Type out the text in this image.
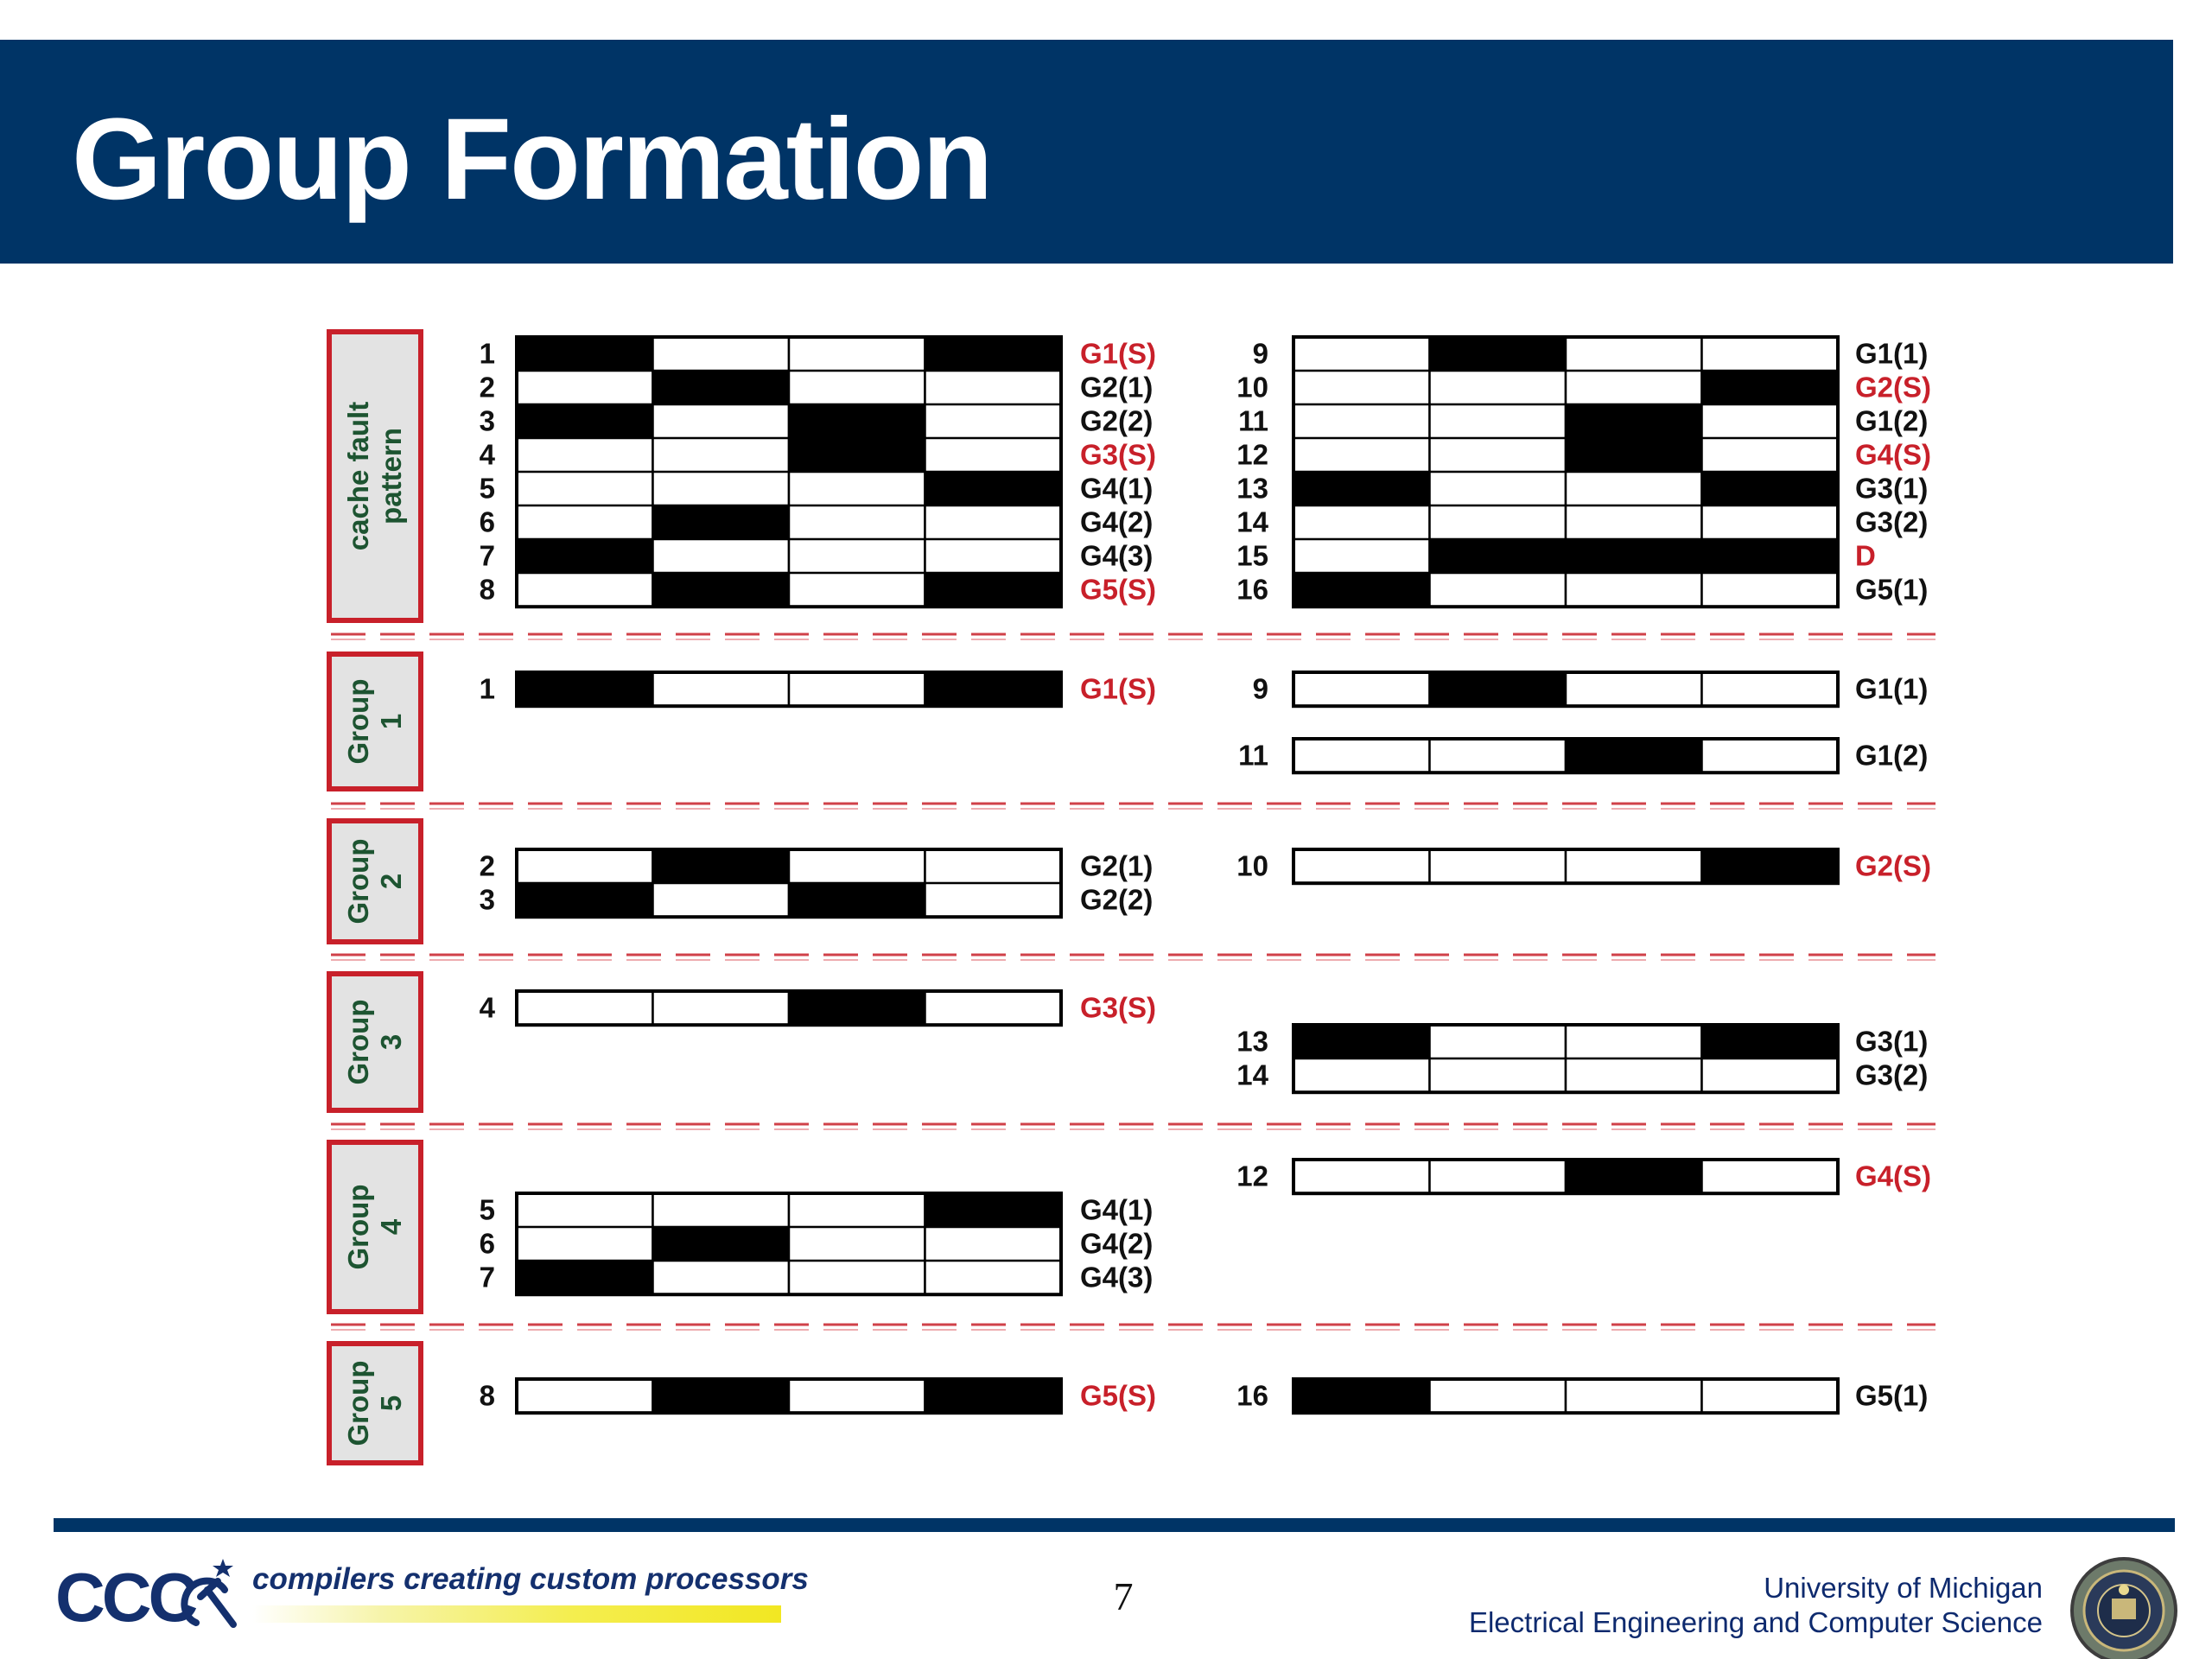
Group Formation
cache faultpattern
1	G1(S)
2	G2(1)
3	G2(2)
4	G3(S)
5	G4(1)
6	G4(2)
7	G4(3)
8	G5(S)
9	G1(1)
10	G2(S)
11	G1(2)
12	G4(S)
13	G3(1)
14	G3(2)
15	D
16	G5(1)
Group1
1	G1(S)	9	G1(1)
11	G1(2)
Group2	2	G2(1)
3	G2(2)
10	G2(S)
Group3
4	G3(S)
13	G3(1)
14	G3(2)
Group4
5	G4(1)
6	G4(2)
7	G4(3)
12	G4(S)
Group5	8	G5(S)	16	G5(1)
CCC compilers creating custom processors	7	University of Michigan
Electrical Engineering and Computer Science
